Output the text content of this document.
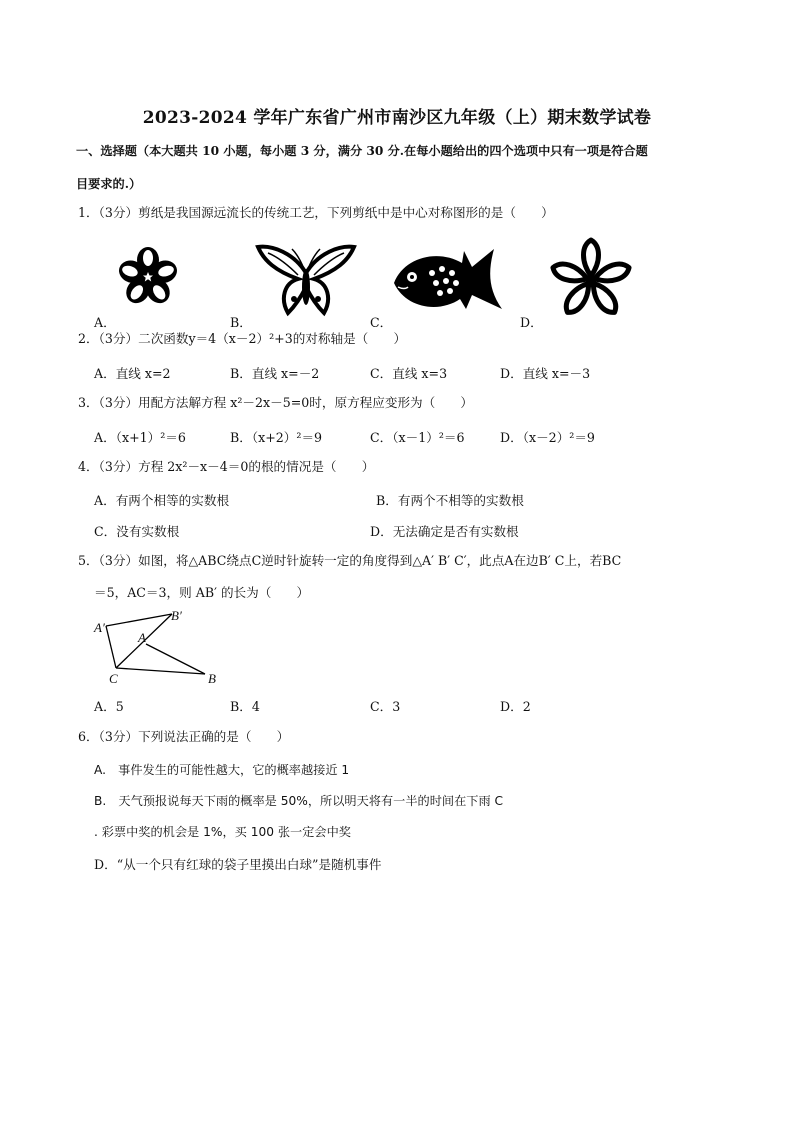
2023-2024 学年广东省广州市南沙区九年级（上）期末数学试卷
一、选择题（本大题共 10 小题，每小题 3 分，满分 30 分.在每小题给出的四个选项中只有一项是符合题
目要求的.）
1．（3分）剪纸是我国源远流长的传统工艺，下列剪纸中是中心对称图形的是（　　）
A．	B．	C．	D．
2．（3分）二次函数y＝4（x－2）²+3的对称轴是（　　）
A．直线 x=2	B．直线 x=－2	C．直线 x=3	D．直线 x=－3
3．（3分）用配方法解方程 x²－2x－5=0时，原方程应变形为（　　）
A．（x+1）²＝6	B．（x+2）²＝9	C．（x－1）²＝6	D．（x－2）²＝9
4．（3分）方程 2x²－x－4＝0的根的情况是（　　）
A．有两个相等的实数根	B．有两个不相等的实数根
C．没有实数根	D．无法确定是否有实数根
5．（3分）如图，将△ABC绕点C逆时针旋转一定的角度得到△A′ B′ C′，此点A在边B′ C上，若BC
＝5，AC＝3，则 AB′ 的长为（　　）
A′
B′
A
C	B
A．5	B．4	C．3	D．2
6．（3分）下列说法正确的是（　　）
A.　事件发生的可能性越大，它的概率越接近 1
B.　天气预报说每天下雨的概率是 50%，所以明天将有一半的时间在下雨 C
. 彩票中奖的机会是 1%，买 100 张一定会中奖
D．“从一个只有红球的袋子里摸出白球”是随机事件
